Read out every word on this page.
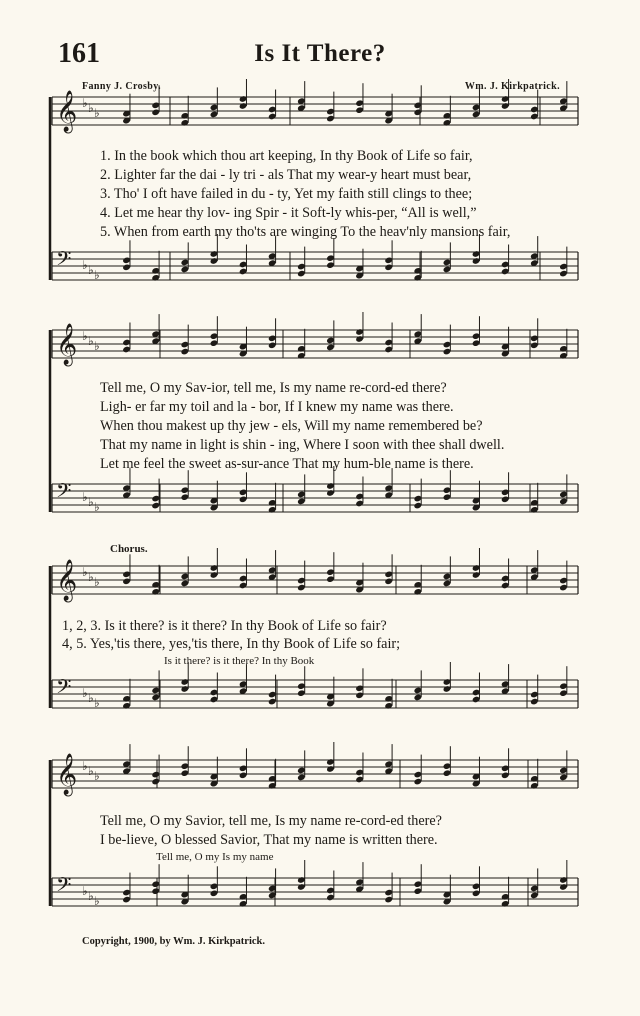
161	Is It There?
Fanny J. Crosby.	Wm. J. Kirkpatrick.
𝄞 ♭ ♭ ♭
𝄢 ♭ ♭ ♭
𝄞 ♭ ♭ ♭
𝄢 ♭ ♭ ♭
𝄞 ♭ ♭ ♭
𝄢 ♭ ♭ ♭
𝄞 ♭ ♭ ♭
𝄢 ♭ ♭ ♭
1. In the book which thou art keeping, In thy Book of Life so fair,
2. Lighter far the dai - ly tri - als That my wear-y heart must bear,
3. Tho' I oft have failed in du - ty, Yet my faith still clings to thee;
4. Let me hear thy lov- ing Spir - it Soft-ly whis-per, “All is well,”
5. When from earth my tho'ts are winging To the heav'nly mansions fair,
Tell me, O my Sav-ior, tell me, Is my name re-cord-ed there?
Ligh- er far my toil and la - bor, If I knew my name was there.
When thou makest up thy jew - els, Will my name remembered be?
That my name in light is shin - ing, Where I soon with thee shall dwell.
Let me feel the sweet as-sur-ance That my hum-ble name is there.
Chorus.
1, 2, 3. Is it there? is it there? In thy Book of Life so fair?
4, 5. Yes,'tis there, yes,'tis there, In thy Book of Life so fair;
Is it there? is it there? In thy Book
Tell me, O my Savior, tell me, Is my name re-cord-ed there?
I be-lieve, O blessed Savior, That my name is written there.
Tell me, O my Is my name
Copyright, 1900, by Wm. J. Kirkpatrick.
